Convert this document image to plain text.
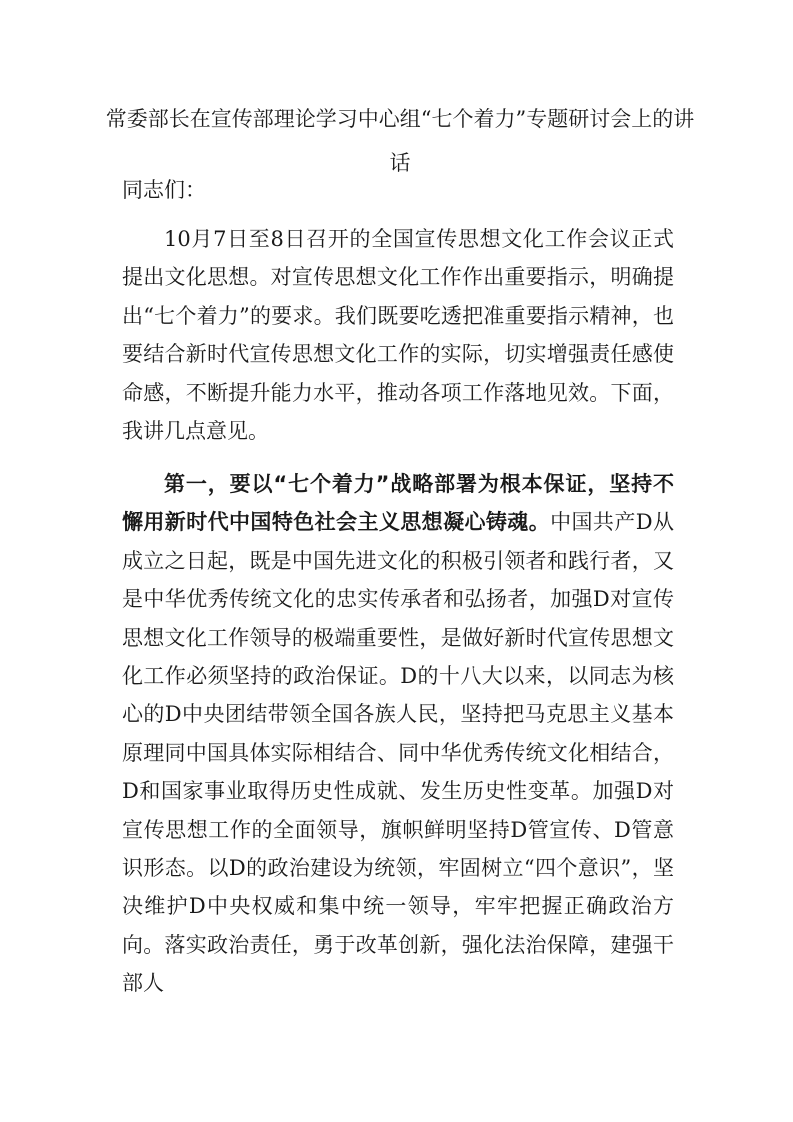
常委部长在宣传部理论学习中心组“七个着力”专题研讨会上的讲话

同志们：

10月7日至8日召开的全国宣传思想文化工作会议正式提出文化思想。对宣传思想文化工作作出重要指示，明确提出“七个着力”的要求。我们既要吃透把准重要指示精神，也要结合新时代宣传思想文化工作的实际，切实增强责任感使命感，不断提升能力水平，推动各项工作落地见效。下面，我讲几点意见。

第一，要以“七个着力”战略部署为根本保证，坚持不懈用新时代中国特色社会主义思想凝心铸魂。中国共产D从成立之日起，既是中国先进文化的积极引领者和践行者，又是中华优秀传统文化的忠实传承者和弘扬者，加强D对宣传思想文化工作领导的极端重要性，是做好新时代宣传思想文化工作必须坚持的政治保证。D的十八大以来，以同志为核心的D中央团结带领全国各族人民，坚持把马克思主义基本原理同中国具体实际相结合、同中华优秀传统文化相结合，D和国家事业取得历史性成就、发生历史性变革。加强D对宣传思想工作的全面领导，旗帜鲜明坚持D管宣传、D管意识形态。以D的政治建设为统领，牢固树立“四个意识”，坚决维护D中央权威和集中统一领导，牢牢把握正确政治方向。落实政治责任，勇于改革创新，强化法治保障，建强干部人
